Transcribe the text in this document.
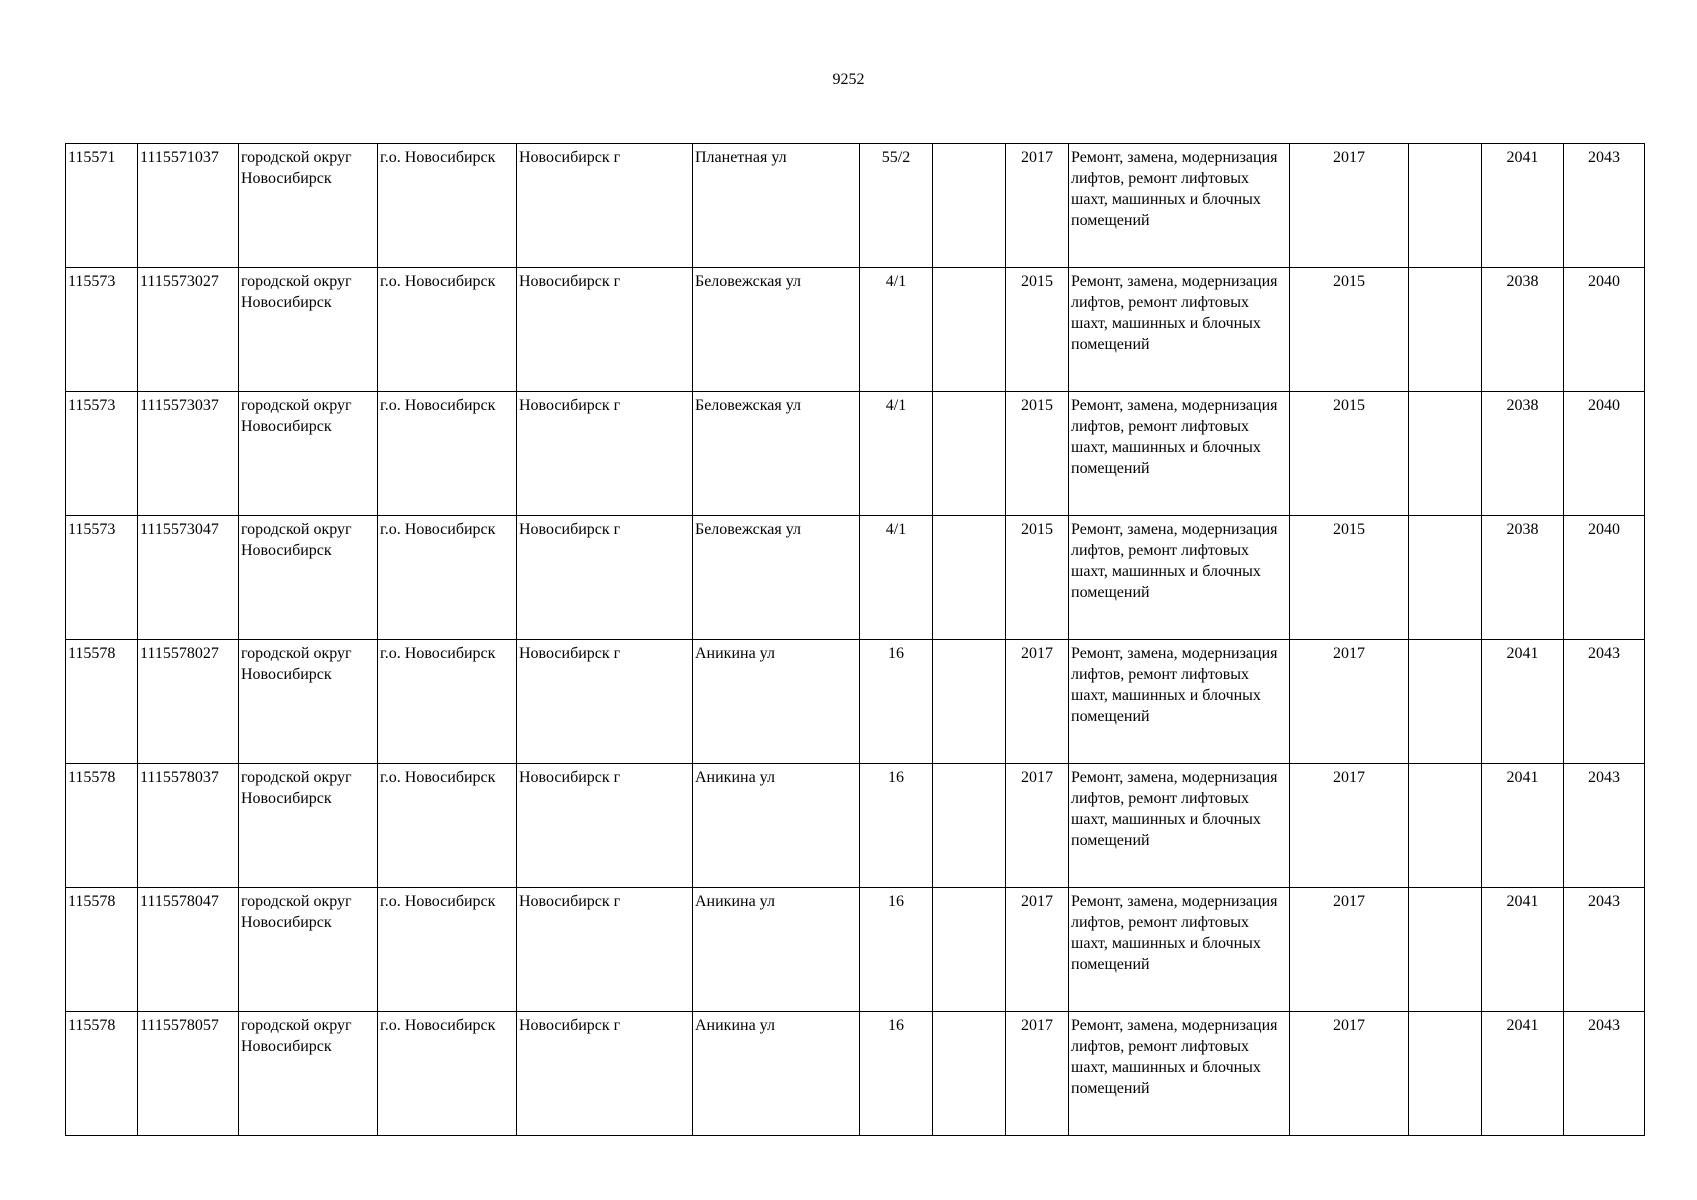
9252
115571	1115571037	городской округ Новосибирск	г.о. Новосибирск	Новосибирск г	Планетная ул	55/2		2017	Ремонт, замена, модернизация лифтов, ремонт лифтовых шахт, машинных и блочных помещений	2017		2041	2043
115573	1115573027	городской округ Новосибирск	г.о. Новосибирск	Новосибирск г	Беловежская ул	4/1		2015	Ремонт, замена, модернизация лифтов, ремонт лифтовых шахт, машинных и блочных помещений	2015		2038	2040
115573	1115573037	городской округ Новосибирск	г.о. Новосибирск	Новосибирск г	Беловежская ул	4/1		2015	Ремонт, замена, модернизация лифтов, ремонт лифтовых шахт, машинных и блочных помещений	2015		2038	2040
115573	1115573047	городской округ Новосибирск	г.о. Новосибирск	Новосибирск г	Беловежская ул	4/1		2015	Ремонт, замена, модернизация лифтов, ремонт лифтовых шахт, машинных и блочных помещений	2015		2038	2040
115578	1115578027	городской округ Новосибирск	г.о. Новосибирск	Новосибирск г	Аникина ул	16		2017	Ремонт, замена, модернизация лифтов, ремонт лифтовых шахт, машинных и блочных помещений	2017		2041	2043
115578	1115578037	городской округ Новосибирск	г.о. Новосибирск	Новосибирск г	Аникина ул	16		2017	Ремонт, замена, модернизация лифтов, ремонт лифтовых шахт, машинных и блочных помещений	2017		2041	2043
115578	1115578047	городской округ Новосибирск	г.о. Новосибирск	Новосибирск г	Аникина ул	16		2017	Ремонт, замена, модернизация лифтов, ремонт лифтовых шахт, машинных и блочных помещений	2017		2041	2043
115578	1115578057	городской округ Новосибирск	г.о. Новосибирск	Новосибирск г	Аникина ул	16		2017	Ремонт, замена, модернизация лифтов, ремонт лифтовых шахт, машинных и блочных помещений	2017		2041	2043
